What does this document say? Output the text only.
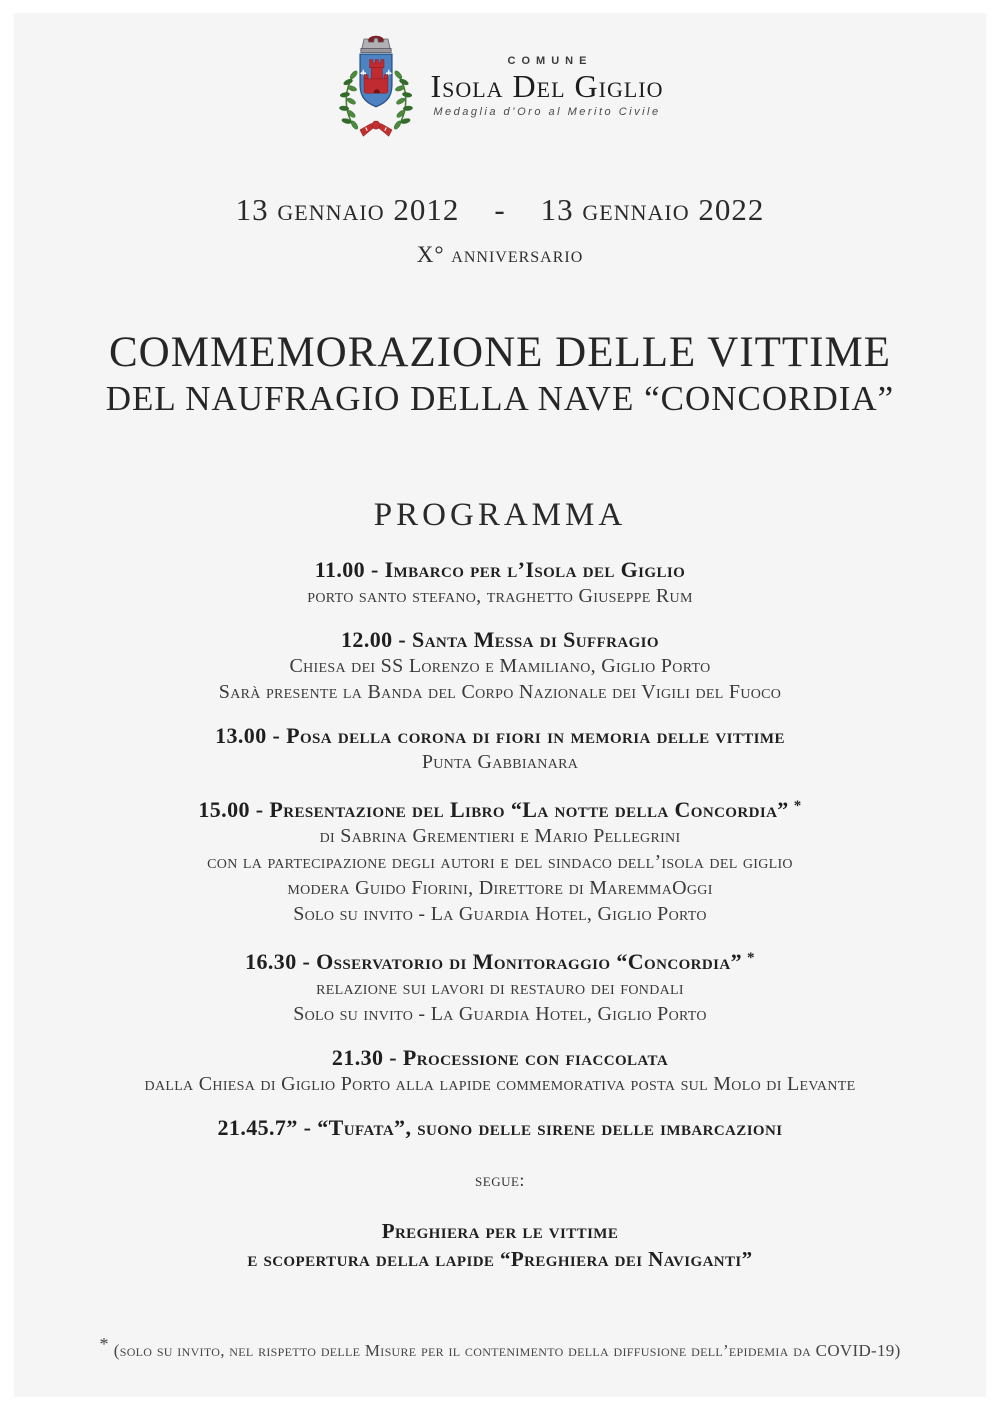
COMUNE
Isola Del Giglio
Medaglia d’Oro al Merito Civile
13 gennaio 2012    -    13 gennaio 2022
X° anniversario
COMMEMORAZIONE DELLE VITTIME
DEL NAUFRAGIO DELLA NAVE “CONCORDIA”
PROGRAMMA
11.00 - Imbarco per l’Isola del Giglio
porto santo stefano, traghetto Giuseppe Rum
12.00 - Santa Messa di Suffragio
Chiesa dei SS Lorenzo e Mamiliano, Giglio Porto
Sarà presente la Banda del Corpo Nazionale dei Vigili del Fuoco
13.00 - Posa della corona di fiori in memoria delle vittime
Punta Gabbianara
15.00 - Presentazione del Libro “La notte della Concordia” *
di Sabrina Grementieri e Mario Pellegrini
con la partecipazione degli autori e del sindaco dell’isola del giglio
modera Guido Fiorini, Direttore di MaremmaOggi
Solo su invito - La Guardia Hotel, Giglio Porto
16.30 - Osservatorio di Monitoraggio “Concordia” *
relazione sui lavori di restauro dei fondali
Solo su invito - La Guardia Hotel, Giglio Porto
21.30 - Processione con fiaccolata
dalla Chiesa di Giglio Porto alla lapide commemorativa posta sul Molo di Levante
21.45.7” - “Tufata”, suono delle sirene delle imbarcazioni
segue:
Preghiera per le vittime
e scopertura della lapide “Preghiera dei Naviganti”
* (solo su invito, nel rispetto delle Misure per il contenimento della diffusione dell’epidemia da COVID-19)
